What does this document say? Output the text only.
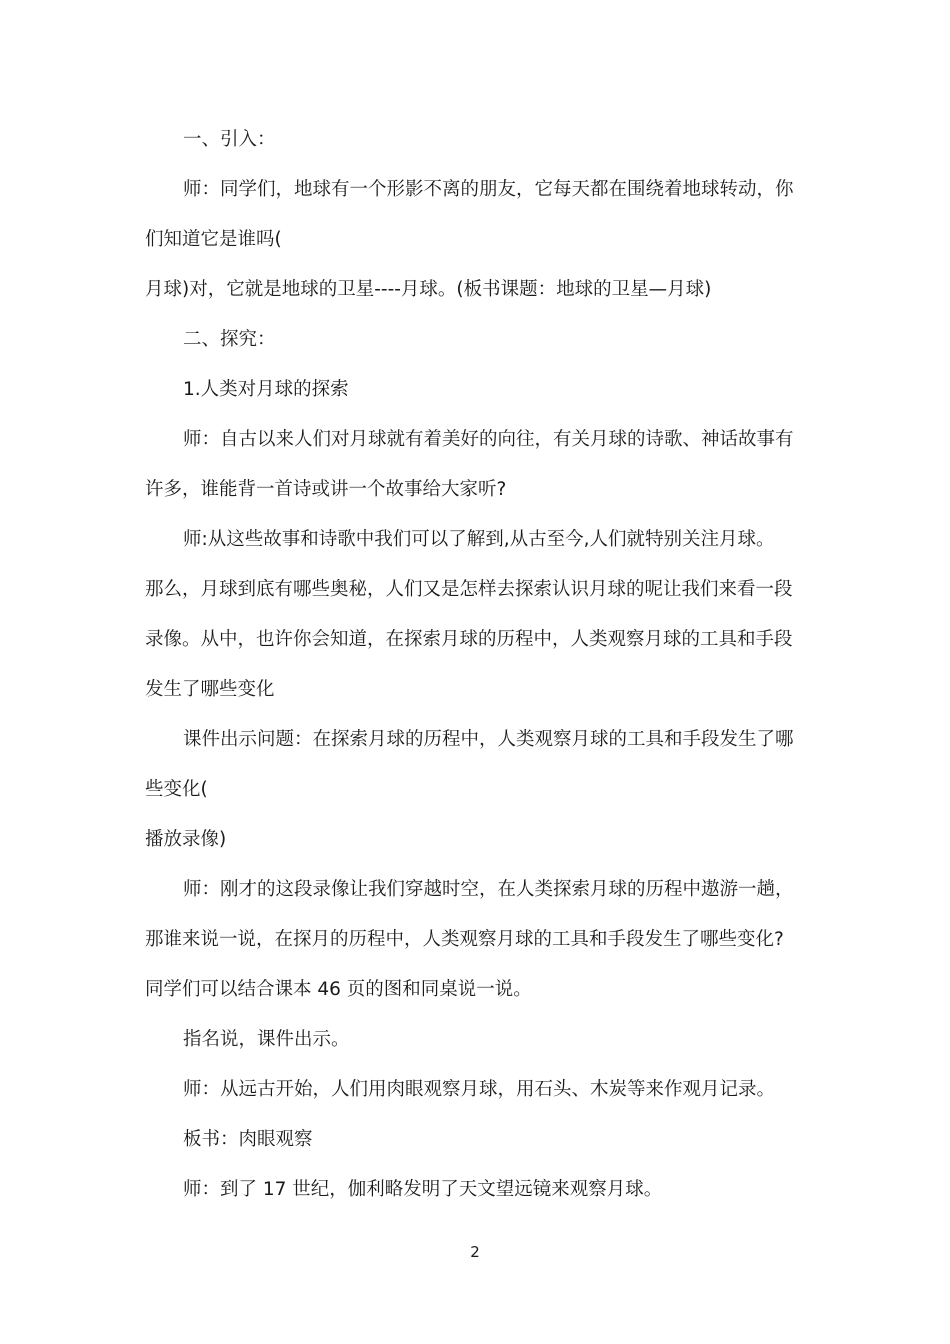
一、引入：
师：同学们，地球有一个形影不离的朋友，它每天都在围绕着地球转动，你
们知道它是谁吗(
月球)对，它就是地球的卫星----月球。(板书课题：地球的卫星—月球)
二、探究：
1.人类对月球的探索
师：自古以来人们对月球就有着美好的向往，有关月球的诗歌、神话故事有
许多，谁能背一首诗或讲一个故事给大家听?
师:从这些故事和诗歌中我们可以了解到,从古至今,人们就特别关注月球。
那么，月球到底有哪些奥秘，人们又是怎样去探索认识月球的呢让我们来看一段
录像。从中，也许你会知道，在探索月球的历程中，人类观察月球的工具和手段
发生了哪些变化
课件出示问题：在探索月球的历程中，人类观察月球的工具和手段发生了哪
些变化(
播放录像)
师：刚才的这段录像让我们穿越时空，在人类探索月球的历程中遨游一趟，
那谁来说一说，在探月的历程中，人类观察月球的工具和手段发生了哪些变化?
同学们可以结合课本 46 页的图和同桌说一说。
指名说，课件出示。
师：从远古开始，人们用肉眼观察月球，用石头、木炭等来作观月记录。
板书：肉眼观察
师：到了 17 世纪，伽利略发明了天文望远镜来观察月球。
2
